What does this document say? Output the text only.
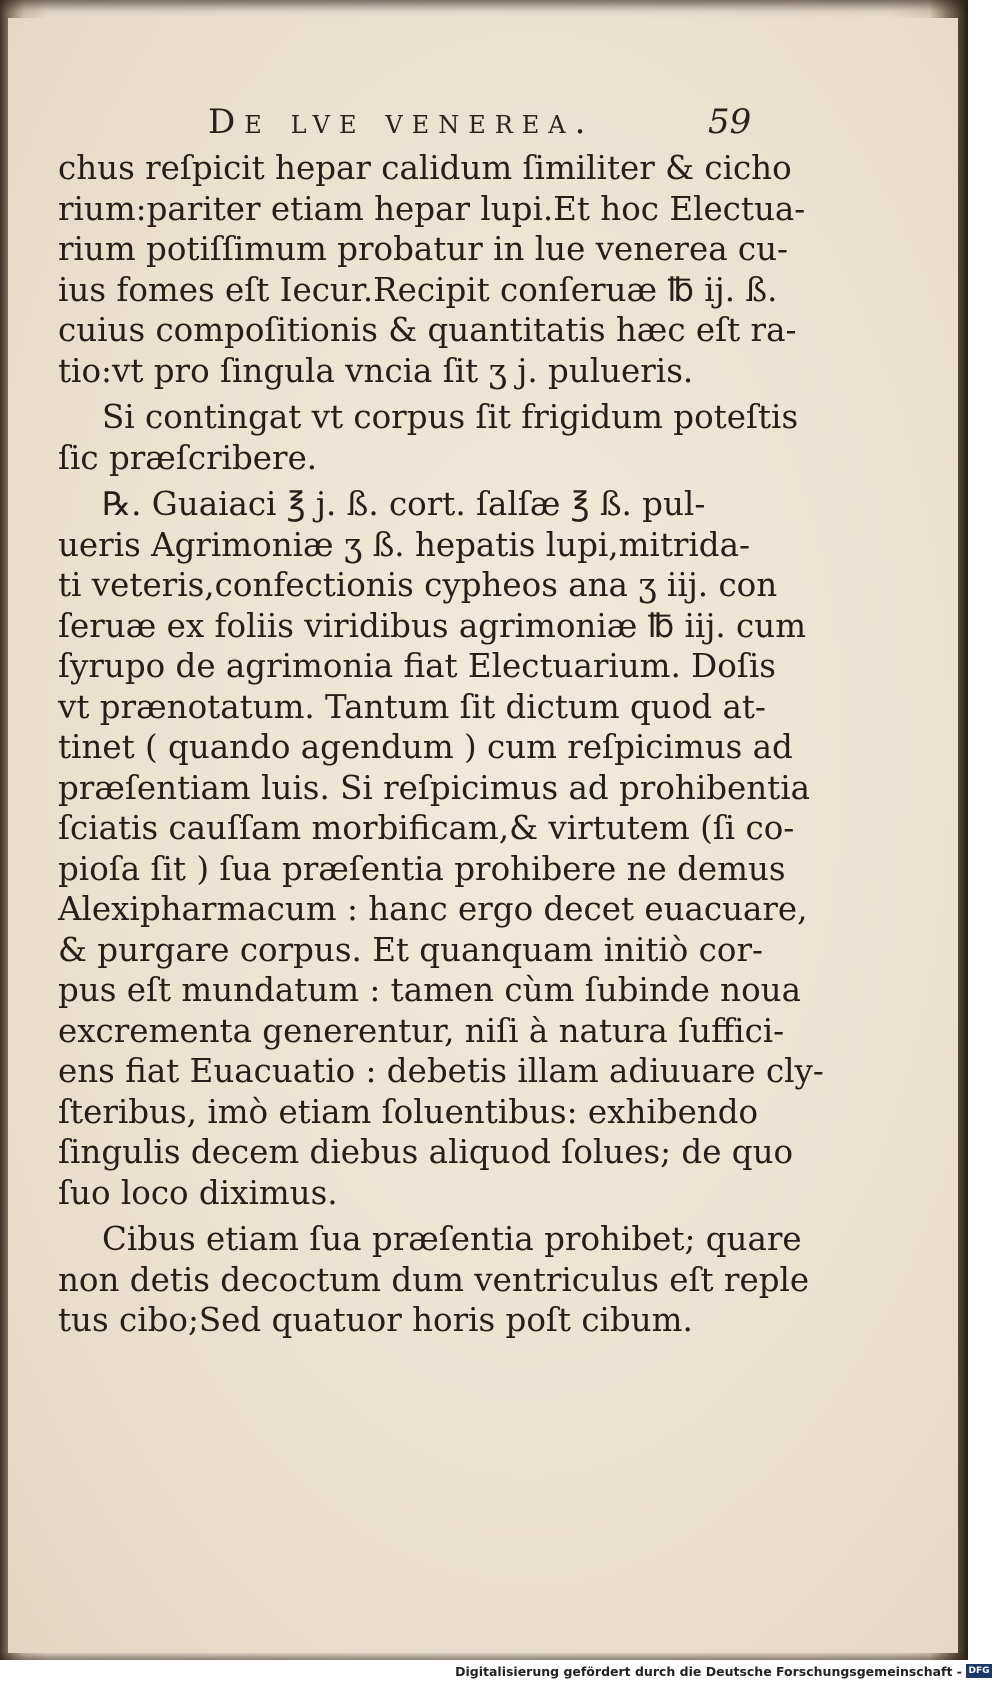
De lve venerea.	59
chus reſpicit hepar calidum ſimiliter & cicho
rium:pariter etiam hepar lupi.Et hoc Electua-
rium potiſſimum probatur in lue venerea cu-
ius fomes eſt Iecur.Recipit conſeruæ ℔ ij. ß.
cuius compoſitionis & quantitatis hæc eſt ra-
tio:vt pro ſingula vncia ſit ʒ j. pulueris.
Si contingat vt corpus ſit frigidum poteſtis
ſic præſcribere.
℞. Guaiaci ℥ j. ß. cort. ſalſæ ℥ ß. pul-
ueris Agrimoniæ ʒ ß. hepatis lupi,mitrida-
ti veteris,confectionis cypheos ana ʒ iij. con
ſeruæ ex foliis viridibus agrimoniæ ℔ iij. cum
ſyrupo de agrimonia fiat Electuarium. Doſis
vt prænotatum. Tantum ſit dictum quod at-
tinet ( quando agendum ) cum reſpicimus ad
præſentiam luis. Si reſpicimus ad prohibentia
ſciatis cauſſam morbificam,& virtutem (ſi co-
pioſa ſit ) ſua præſentia prohibere ne demus
Alexipharmacum : hanc ergo decet euacuare,
& purgare corpus. Et quanquam initiò cor-
pus eſt mundatum : tamen cùm ſubinde noua
excrementa generentur, niſi à natura ſuffici-
ens fiat Euacuatio : debetis illam adiuuare cly-
ſteribus, imò etiam ſoluentibus: exhibendo
ſingulis decem diebus aliquod ſolues; de quo
ſuo loco diximus.
Cibus etiam ſua præſentia prohibet; quare
non detis decoctum dum ventriculus eſt reple
tus cibo;Sed quatuor horis poſt cibum.
Digitalisierung gefördert durch die Deutsche Forschungsgemeinschaft - DFG
